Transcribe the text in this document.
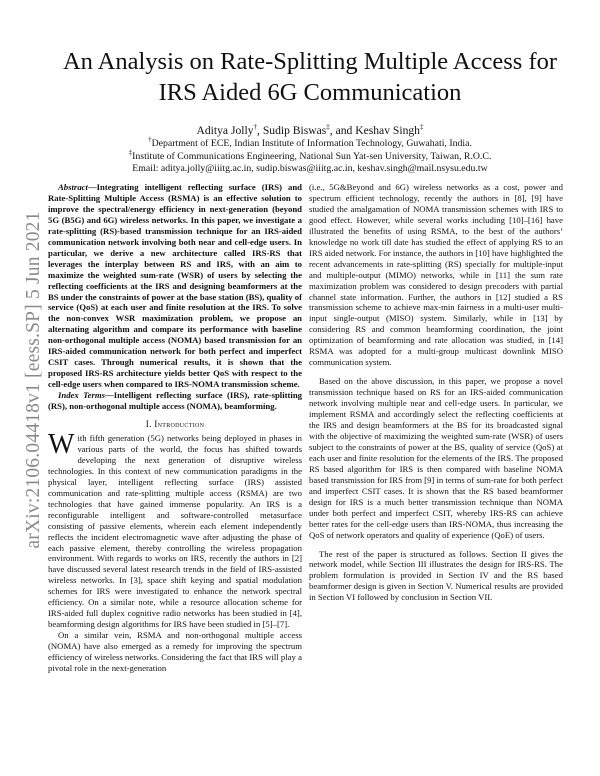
arXiv:2106.04418v1 [eess.SP] 5 Jun 2021
An Analysis on Rate-Splitting Multiple Access for
IRS Aided 6G Communication
Aditya Jolly†, Sudip Biswas‡, and Keshav Singh‡
†Department of ECE, Indian Institute of Information Technology, Guwahati, India.
‡Institute of Communications Engineering, National Sun Yat-sen University, Taiwan, R.O.C.
Email: aditya.jolly@iiitg.ac.in, sudip.biswas@iiitg.ac.in, keshav.singh@mail.nsysu.edu.tw

Abstract—Integrating intelligent reflecting surface (IRS) and Rate-Splitting Multiple Access (RSMA) is an effective solution to improve the spectral/energy efficiency in next-generation (beyond 5G (B5G) and 6G) wireless networks. In this paper, we investigate a rate-splitting (RS)-based transmission technique for an IRS-aided communication network involving both near and cell-edge users. In particular, we derive a new architecture called IRS-RS that leverages the interplay between RS and IRS, with an aim to maximize the weighted sum-rate (WSR) of users by selecting the reflecting coefficients at the IRS and designing beamformers at the BS under the constraints of power at the base station (BS), quality of service (QoS) at each user and finite resolution at the IRS. To solve the non-convex WSR maximization problem, we propose an alternating algorithm and compare its performance with baseline non-orthogonal multiple access (NOMA) based transmission for an IRS-aided communication network for both perfect and imperfect CSIT cases. Through numerical results, it is shown that the proposed IRS-RS architecture yields better QoS with respect to the cell-edge users when compared to IRS-NOMA transmission scheme.

Index Terms—Intelligent reflecting surface (IRS), rate-splitting (RS), non-orthogonal multiple access (NOMA), beamforming.

I. Introduction

With fifth generation (5G) networks being deployed in phases in various parts of the world, the focus has shifted towards developing the next generation of disruptive wireless technologies. In this context of new communication paradigms in the physical layer, intelligent reflecting surface (IRS) assisted communication and rate-splitting multiple access (RSMA) are two technologies that have gained immense popularity. An IRS is a reconfigurable intelligent and software-controlled metasurface consisting of passive elements, wherein each element independently reflects the incident electromagnetic wave after adjusting the phase of each passive element, thereby controlling the wireless propagation environment. With regards to works on IRS, recently the authors in [2] have discussed several latest research trends in the field of IRS-assisted wireless networks. In [3], space shift keying and spatial modulation schemes for IRS were investigated to enhance the network spectral efficiency. On a similar note, while a resource allocation scheme for IRS-aided full duplex cognitive radio networks has been studied in [4], beamforming design algorithms for IRS have been studied in [5]–[7].

On a similar vein, RSMA and non-orthogonal multiple access (NOMA) have also emerged as a remedy for improving the spectrum efficiency of wireless networks. Considering the fact that IRS will play a pivotal role in the next-generation

(i.e., 5G&Beyond and 6G) wireless networks as a cost, power and spectrum efficient technology, recently the authors in [8], [9] have studied the amalgamation of NOMA transmission schemes with IRS to good effect. However, while several works including [10]–[16] have illustrated the benefits of using RSMA, to the best of the authors’ knowledge no work till date has studied the effect of applying RS to an IRS aided network. For instance, the authors in [10] have highlighted the recent advancements in rate-splitting (RS) specially for multiple-input and multiple-output (MIMO) networks, while in [11] the sum rate maximization problem was considered to design precoders with partial channel state information. Further, the authors in [12] studied a RS transmission scheme to achieve max-min fairness in a multi-user multi-input single-output (MISO) system. Similarly, while in [13] by considering RS and common beamforming coordination, the joint optimization of beamforming and rate allocation was studied, in [14] RSMA was adopted for a multi-group multicast downlink MISO communication system.

Based on the above discussion, in this paper, we propose a novel transmission technique based on RS for an IRS-aided communication network involving multiple near and cell-edge users. In particular, we implement RSMA and accordingly select the reflecting coefficients at the IRS and design beamformers at the BS for its broadcasted signal with the objective of maximizing the weighted sum-rate (WSR) of users subject to the constraints of power at the BS, quality of service (QoS) at each user and finite resolution for the elements of the IRS. The proposed RS based algorithm for IRS is then compared with baseline NOMA based transmission for IRS from [9] in terms of sum-rate for both perfect and imperfect CSIT cases. It is shown that the RS based beamformer design for IRS is a much better transmission technique than NOMA under both perfect and imperfect CSIT, whereby IRS-RS can achieve better rates for the cell-edge users than IRS-NOMA, thus increasing the QoS of network operators and quality of experience (QoE) of users.

The rest of the paper is structured as follows. Section II gives the network model, while Section III illustrates the design for IRS-RS. The problem formulation is provided in Section IV and the RS based beamformer design is given in Section V. Numerical results are provided in Section VI followed by conclusion in Section VII.
